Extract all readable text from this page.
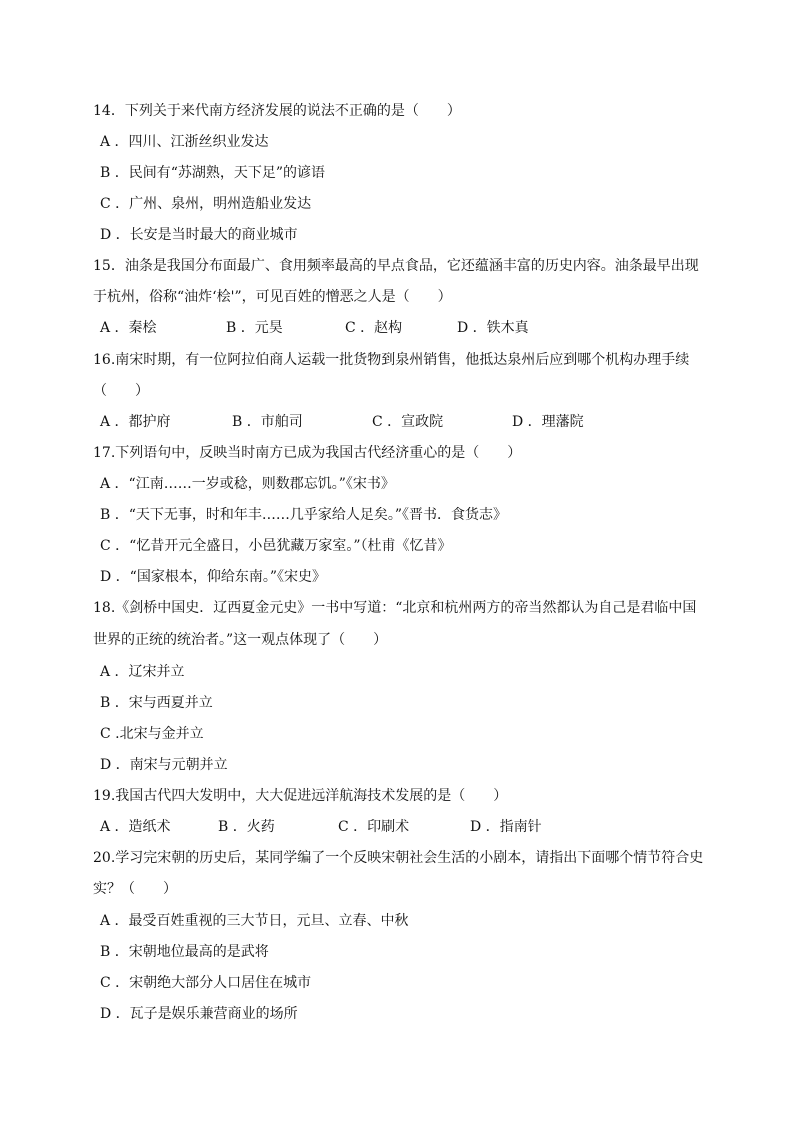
14．下列关于来代南方经济发展的说法不正确的是（　　）
A ．四川、江浙丝织业发达
B ．民间有“苏湖熟，天下足”的谚语
C ．广州、泉州，明州造船业发达
D ．长安是当时最大的商业城市
15．油条是我国分布面最广、食用频率最高的早点食品，它还蕴涵丰富的历史内容。油条最早出现
于杭州，俗称“油炸‘桧'”，可见百姓的憎恶之人是（　　）
A ．秦桧	B ．元昊	C ．赵构	D ．铁木真
16.南宋时期，有一位阿拉伯商人运载一批货物到泉州销售，他抵达泉州后应到哪个机构办理手续
（　　）
A ．都护府	B ．市舶司	C ．宣政院	D ．理藩院
17.下列语句中，反映当时南方已成为我国古代经济重心的是（　　）
A ．“江南……一岁或稔，则数郡忘饥。”《宋书》
B ．“天下无事，时和年丰……几乎家给人足矣。”《晋书．食货志》
C ．“忆昔开元全盛日，小邑犹藏万家室。”（杜甫《忆昔》
D ．“国家根本，仰给东南。”《宋史》
18.《剑桥中国史．辽西夏金元史》一书中写道：“北京和杭州两方的帝当然都认为自己是君临中国
世界的正统的统治者。”这一观点体现了（　　）
A ．辽宋并立
B ．宋与西夏并立
C .北宋与金并立
D ．南宋与元朝并立
19.我国古代四大发明中，大大促进远洋航海技术发展的是（　　）
A ．造纸术	B ．火药	C ．印刷术	D ．指南针
20.学习完宋朝的历史后，某同学编了一个反映宋朝社会生活的小剧本，请指出下面哪个情节符合史
实？（　　）
A ．最受百姓重视的三大节日，元旦、立春、中秋
B ．宋朝地位最高的是武将
C ．宋朝绝大部分人口居住在城市
D ．瓦子是娱乐兼营商业的场所
